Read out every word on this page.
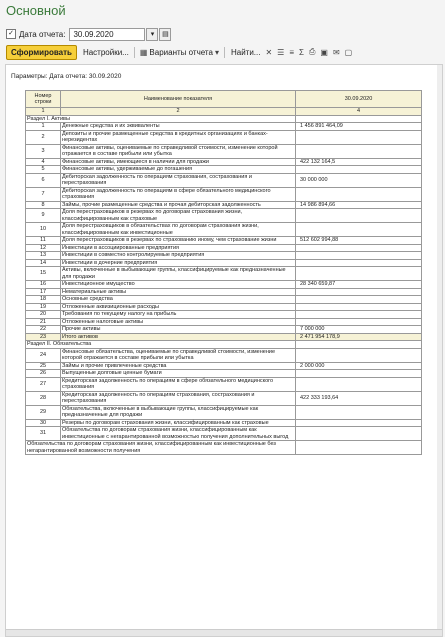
Основной
✓ Дата отчета:	30.09.2020	▾	▤
Сформировать	Настройки... ▦ Варианты отчета ▾ Найти... ✕ ☰ ≡ Σ ⎙ ▣ ✉ ▢
Параметры: Дата отчета: 30.09.2020
Номер строки	Наименование показателя	30.09.2020
1	2	4
Раздел I. Активы		
1	Денежные средства и их эквиваленты	1 456 891 464,09
2	Депозиты и прочие размещенные средства в кредитных организациях и банках-нерезидентах	
3	Финансовые активы, оцениваемые по справедливой стоимости, изменение которой отражается в составе прибыли или убытка	
4	Финансовые активы, имеющиеся в наличии для продажи	422 132 164,5
5	Финансовые активы, удерживаемые до погашения	
6	Дебиторская задолженность по операциям страхования, сострахования и перестрахования	30 000 000
7	Дебиторская задолженность по операциям в сфере обязательного медицинского страхования	
8	Займы, прочие размещенные средства и прочая дебиторская задолженность	14 986 894,66
9	Доля перестраховщиков в резервах по договорам страхования жизни, классифицированным как страховые	
10	Доля перестраховщиков в обязательствах по договорам страхования жизни, классифицированным как инвестиционные	
11	Доля перестраховщиков в резервах по страхованию иному, чем страхование жизни	512 602 994,88
12	Инвестиции в ассоциированные предприятия	
13	Инвестиции в совместно контролируемые предприятия	
14	Инвестиции в дочерние предприятия	
15	Активы, включенные в выбывающие группы, классифицируемые как предназначенные для продажи	
16	Инвестиционное имущество	28 340 659,87
17	Нематериальные активы	
18	Основные средства	
19	Отложенные аквизиционные расходы	
20	Требования по текущему налогу на прибыль	
21	Отложенные налоговые активы	
22	Прочие активы	7 000 000
23	Итого активов	2 471 954 178,9
Раздел II. Обязательства		
24	Финансовые обязательства, оцениваемые по справедливой стоимости, изменение которой отражается в составе прибыли или убытка	
25	Займы и прочие привлеченные средства	2 000 000
26	Выпущенные долговые ценные бумаги	
27	Кредиторская задолженность по операциям в сфере обязательного медицинского страхования	
28	Кредиторская задолженность по операциям страхования, сострахования и перестрахования	422 333 193,64
29	Обязательства, включенные в выбывающие группы, классифицируемые как предназначенные для продажи	
30	Резервы по договорам страхования жизни, классифицированным как страховые	
31	Обязательства по договорам страхования жизни, классифицированным как инвестиционные с негарантированной возможностью получения дополнительных выгод	
Обязательства по договорам страхования жизни, классифицированным как инвестиционные без негарантированной возможности получения		
